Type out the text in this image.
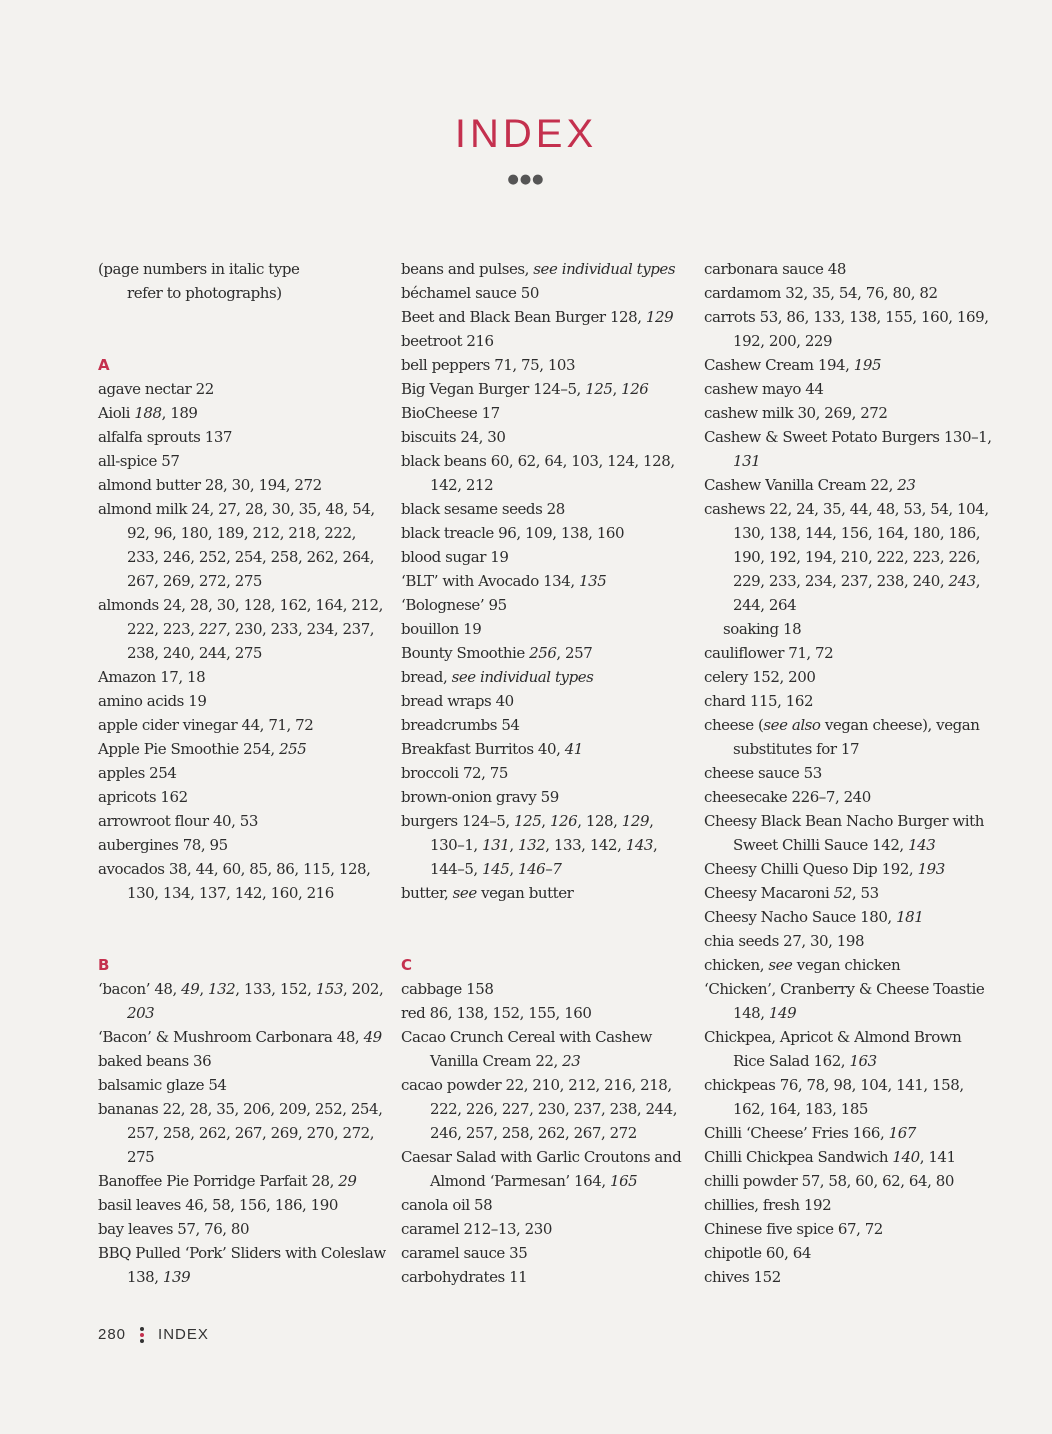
INDEX
●●●
(page numbers in italic type
refer to photographs)
A
agave nectar 22
Aioli 188, 189
alfalfa sprouts 137
all-spice 57
almond butter 28, 30, 194, 272
almond milk 24, 27, 28, 30, 35, 48, 54, 92, 96, 180, 189, 212, 218, 222, 233, 246, 252, 254, 258, 262, 264, 267, 269, 272, 275
almonds 24, 28, 30, 128, 162, 164, 212, 222, 223, 227, 230, 233, 234, 237, 238, 240, 244, 275
Amazon 17, 18
amino acids 19
apple cider vinegar 44, 71, 72
Apple Pie Smoothie 254, 255
apples 254
apricots 162
arrowroot flour 40, 53
aubergines 78, 95
avocados 38, 44, 60, 85, 86, 115, 128, 130, 134, 137, 142, 160, 216
B
‘bacon’ 48, 49, 132, 133, 152, 153, 202, 203
‘Bacon’ & Mushroom Carbonara 48, 49
baked beans 36
balsamic glaze 54
bananas 22, 28, 35, 206, 209, 252, 254, 257, 258, 262, 267, 269, 270, 272, 275
Banoffee Pie Porridge Parfait 28, 29
basil leaves 46, 58, 156, 186, 190
bay leaves 57, 76, 80
BBQ Pulled ‘Pork’ Sliders with Coleslaw 138, 139
beans and pulses, see individual types
béchamel sauce 50
Beet and Black Bean Burger 128, 129
beetroot 216
bell peppers 71, 75, 103
Big Vegan Burger 124–5, 125, 126
BioCheese 17
biscuits 24, 30
black beans 60, 62, 64, 103, 124, 128, 142, 212
black sesame seeds 28
black treacle 96, 109, 138, 160
blood sugar 19
‘BLT’ with Avocado 134, 135
‘Bolognese’ 95
bouillon 19
Bounty Smoothie 256, 257
bread, see individual types
bread wraps 40
breadcrumbs 54
Breakfast Burritos 40, 41
broccoli 72, 75
brown-onion gravy 59
burgers 124–5, 125, 126, 128, 129, 130–1, 131, 132, 133, 142, 143, 144–5, 145, 146–7
butter, see vegan butter
C
cabbage 158
red 86, 138, 152, 155, 160
Cacao Crunch Cereal with Cashew Vanilla Cream 22, 23
cacao powder 22, 210, 212, 216, 218, 222, 226, 227, 230, 237, 238, 244, 246, 257, 258, 262, 267, 272
Caesar Salad with Garlic Croutons and Almond ‘Parmesan’ 164, 165
canola oil 58
caramel 212–13, 230
caramel sauce 35
carbohydrates 11
carbonara sauce 48
cardamom 32, 35, 54, 76, 80, 82
carrots 53, 86, 133, 138, 155, 160, 169, 192, 200, 229
Cashew Cream 194, 195
cashew mayo 44
cashew milk 30, 269, 272
Cashew & Sweet Potato Burgers 130–1, 131
Cashew Vanilla Cream 22, 23
cashews 22, 24, 35, 44, 48, 53, 54, 104, 130, 138, 144, 156, 164, 180, 186, 190, 192, 194, 210, 222, 223, 226, 229, 233, 234, 237, 238, 240, 243, 244, 264
soaking 18
cauliflower 71, 72
celery 152, 200
chard 115, 162
cheese (see also vegan cheese), vegan substitutes for 17
cheese sauce 53
cheesecake 226–7, 240
Cheesy Black Bean Nacho Burger with Sweet Chilli Sauce 142, 143
Cheesy Chilli Queso Dip 192, 193
Cheesy Macaroni 52, 53
Cheesy Nacho Sauce 180, 181
chia seeds 27, 30, 198
chicken, see vegan chicken
‘Chicken’, Cranberry & Cheese Toastie 148, 149
Chickpea, Apricot & Almond Brown Rice Salad 162, 163
chickpeas 76, 78, 98, 104, 141, 158, 162, 164, 183, 185
Chilli ‘Cheese’ Fries 166, 167
Chilli Chickpea Sandwich 140, 141
chilli powder 57, 58, 60, 62, 64, 80
chillies, fresh 192
Chinese five spice 67, 72
chipotle 60, 64
chives 152
280 INDEX
